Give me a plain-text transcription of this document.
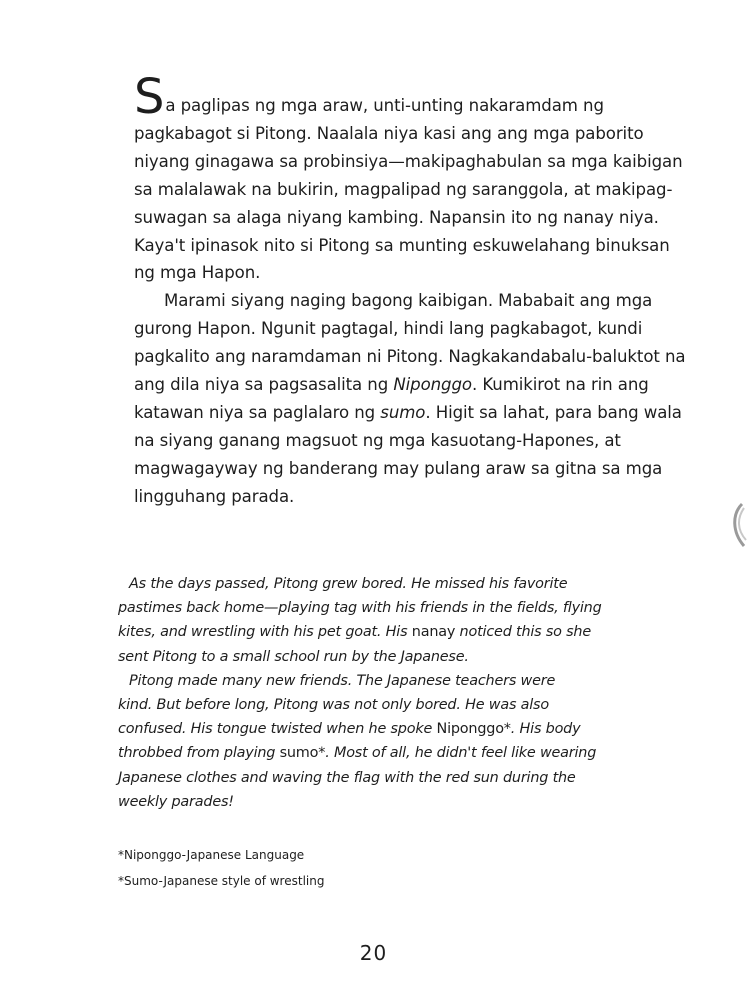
Sa paglipas ng mga araw, unti-unting nakaramdam ng
pagkabagot si Pitong. Naalala niya kasi ang ang mga paborito
niyang ginagawa sa probinsiya—makipaghabulan sa mga kaibigan
sa malalawak na bukirin, magpalipad ng saranggola, at makipag-
suwagan sa alaga niyang kambing. Napansin ito ng nanay niya.
Kaya't ipinasok nito si Pitong sa munting eskuwelahang binuksan
ng mga Hapon.

Marami siyang naging bagong kaibigan. Mababait ang mga
gurong Hapon. Ngunit pagtagal, hindi lang pagkabagot, kundi
pagkalito ang naramdaman ni Pitong. Nagkakandabalu-baluktot na
ang dila niya sa pagsasalita ng Niponggo. Kumikirot na rin ang
katawan niya sa paglalaro ng sumo. Higit sa lahat, para bang wala
na siyang ganang magsuot ng mga kasuotang-Hapones, at
magwagayway ng banderang may pulang araw sa gitna sa mga
lingguhang parada.

As the days passed, Pitong grew bored. He missed his favorite
pastimes back home—playing tag with his friends in the fields, flying
kites, and wrestling with his pet goat. His nanay noticed this so she
sent Pitong to a small school run by the Japanese.
Pitong made many new friends. The Japanese teachers were
kind. But before long, Pitong was not only bored. He was also
confused. His tongue twisted when he spoke Niponggo*. His body
throbbed from playing sumo*. Most of all, he didn't feel like wearing
Japanese clothes and waving the flag with the red sun during the
weekly parades!
*Niponggo-Japanese Language
*Sumo-Japanese style of wrestling
20
